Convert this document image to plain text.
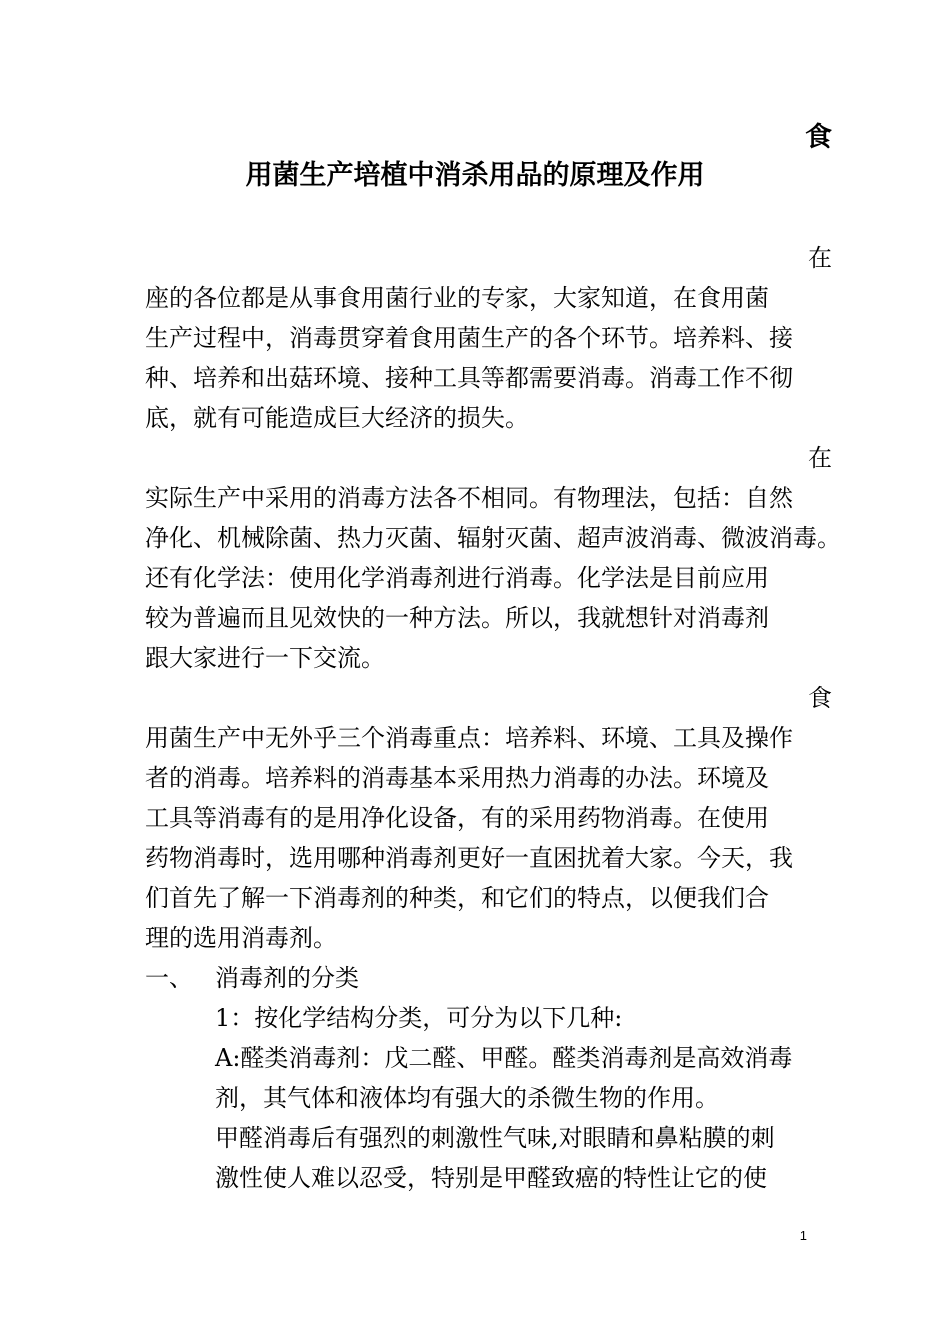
食
用菌生产培植中消杀用品的原理及作用
在
座的各位都是从事食用菌行业的专家，大家知道，在食用菌
生产过程中，消毒贯穿着食用菌生产的各个环节。培养料、接
种、培养和出菇环境、接种工具等都需要消毒。消毒工作不彻
底，就有可能造成巨大经济的损失。
在
实际生产中采用的消毒方法各不相同。有物理法，包括：自然
净化、机械除菌、热力灭菌、辐射灭菌、超声波消毒、微波消毒。
还有化学法：使用化学消毒剂进行消毒。化学法是目前应用
较为普遍而且见效快的一种方法。所以，我就想针对消毒剂
跟大家进行一下交流。
食
用菌生产中无外乎三个消毒重点：培养料、环境、工具及操作
者的消毒。培养料的消毒基本采用热力消毒的办法。环境及
工具等消毒有的是用净化设备，有的采用药物消毒。在使用
药物消毒时，选用哪种消毒剂更好一直困扰着大家。今天，我
们首先了解一下消毒剂的种类，和它们的特点，以便我们合
理的选用消毒剂。
一、 消毒剂的分类
1：按化学结构分类，可分为以下几种:
A:醛类消毒剂：戊二醛、甲醛。醛类消毒剂是高效消毒
剂，其气体和液体均有强大的杀微生物的作用。
甲醛消毒后有强烈的刺激性气味,对眼睛和鼻粘膜的刺
激性使人难以忍受，特别是甲醛致癌的特性让它的使
1
